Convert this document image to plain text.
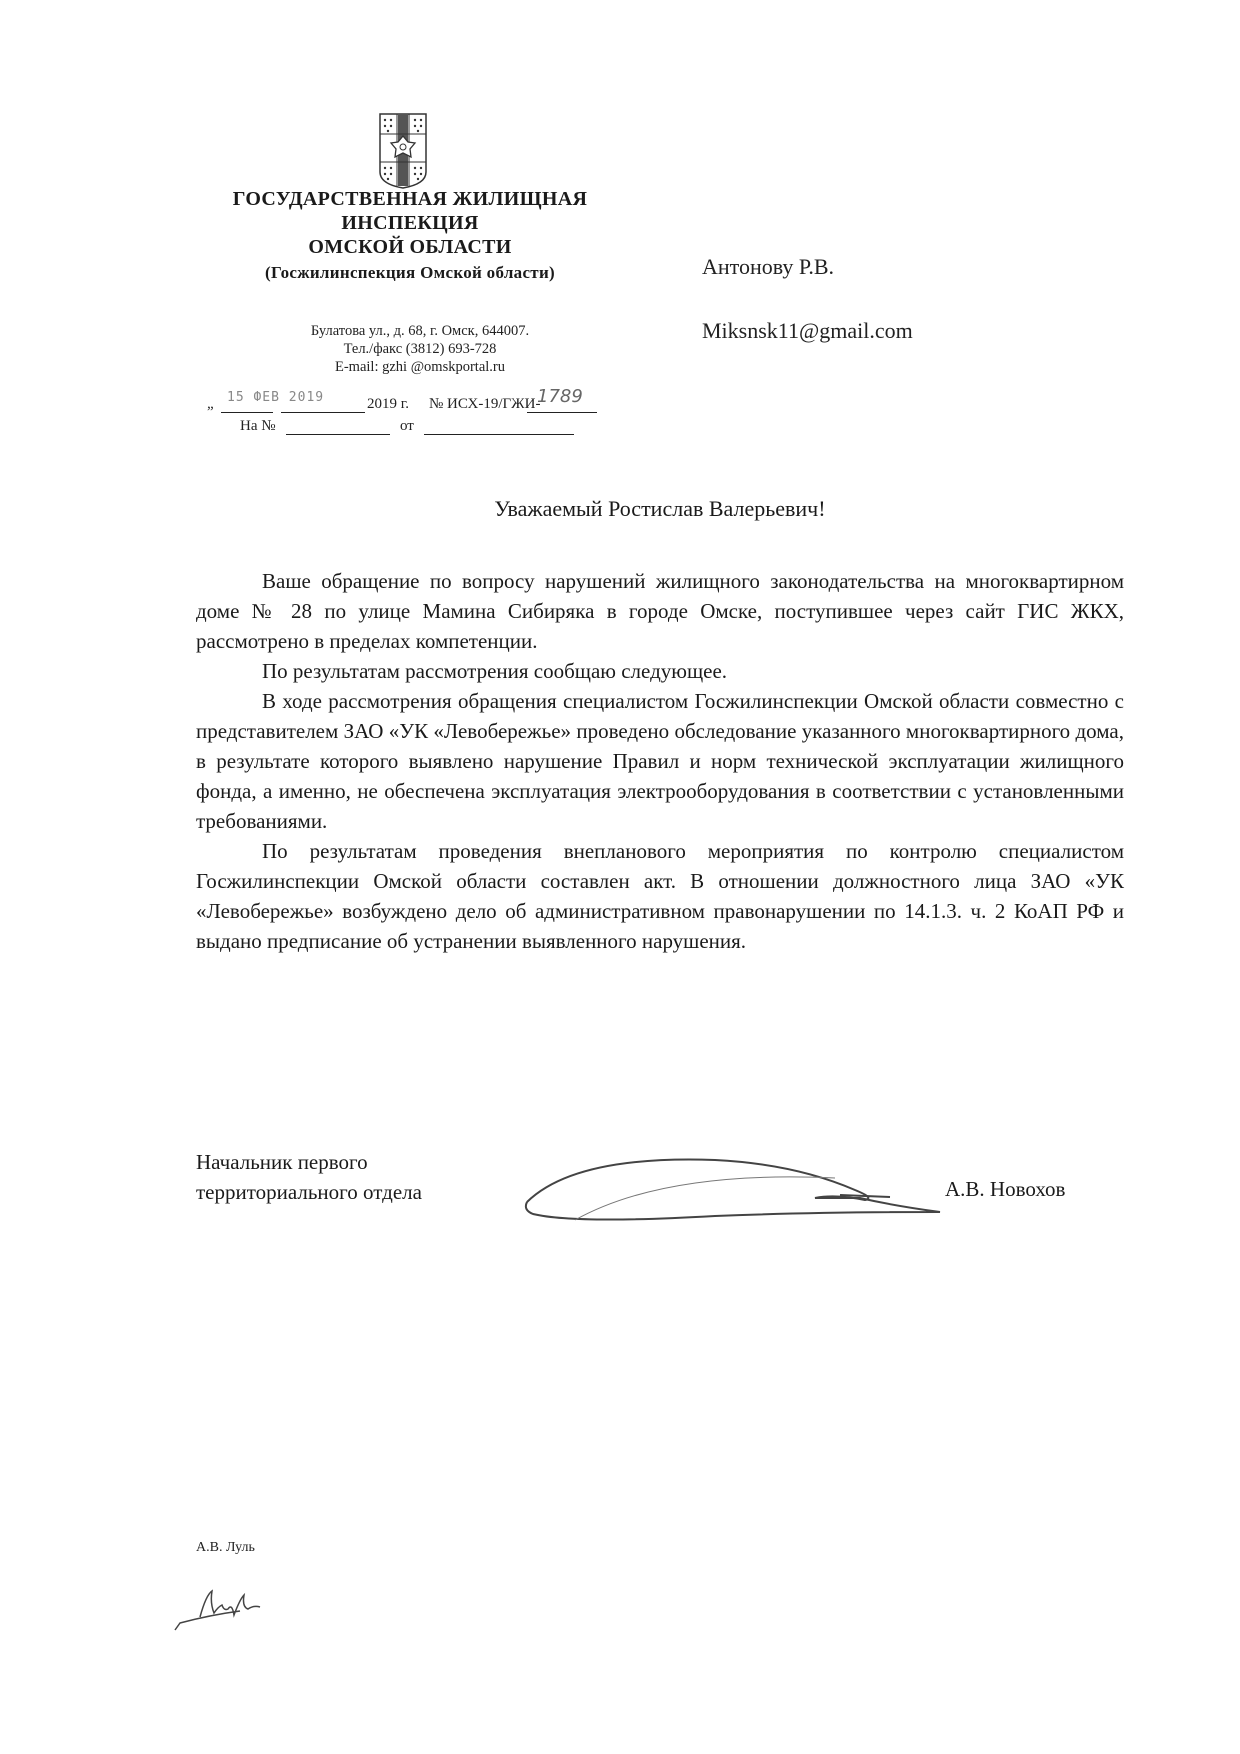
ГОСУДАРСТВЕННАЯ ЖИЛИЩНАЯ
ИНСПЕКЦИЯ
ОМСКОЙ ОБЛАСТИ
(Госжилинспекция Омской области)
Булатова ул., д. 68, г. Омск, 644007.
Тел./факс (3812) 693-728
E-mail: gzhi @omskportal.ru
„ 15 ФЕВ 2019	2019 г. № ИСХ-19/ГЖИ-
1789
На №	от
Антонову Р.В.
Miksnsk11@gmail.com
Уважаемый Ростислав Валерьевич!

Ваше обращение по вопросу нарушений жилищного законодательства на многоквартирном доме № 28 по улице Мамина Сибиряка в городе Омске, поступившее через сайт ГИС ЖКХ, рассмотрено в пределах компетенции.

По результатам рассмотрения сообщаю следующее.

В ходе рассмотрения обращения специалистом Госжилинспекции Омской области совместно с представителем ЗАО «УК «Левобережье» проведено обследование указанного многоквартирного дома, в результате которого выявлено нарушение Правил и норм технической эксплуатации жилищного фонда, а именно, не обеспечена эксплуатация электрооборудования в соответствии с установленными требованиями.

По результатам проведения внепланового мероприятия по контролю специалистом Госжилинспекции Омской области составлен акт. В отношении должностного лица ЗАО «УК «Левобережье» возбуждено дело об административном правонарушении по 14.1.3. ч. 2 КоАП РФ и выдано предписание об устранении выявленного нарушения.

Начальник первого
территориального отдела	А.В. Новохов
А.В. Луль
